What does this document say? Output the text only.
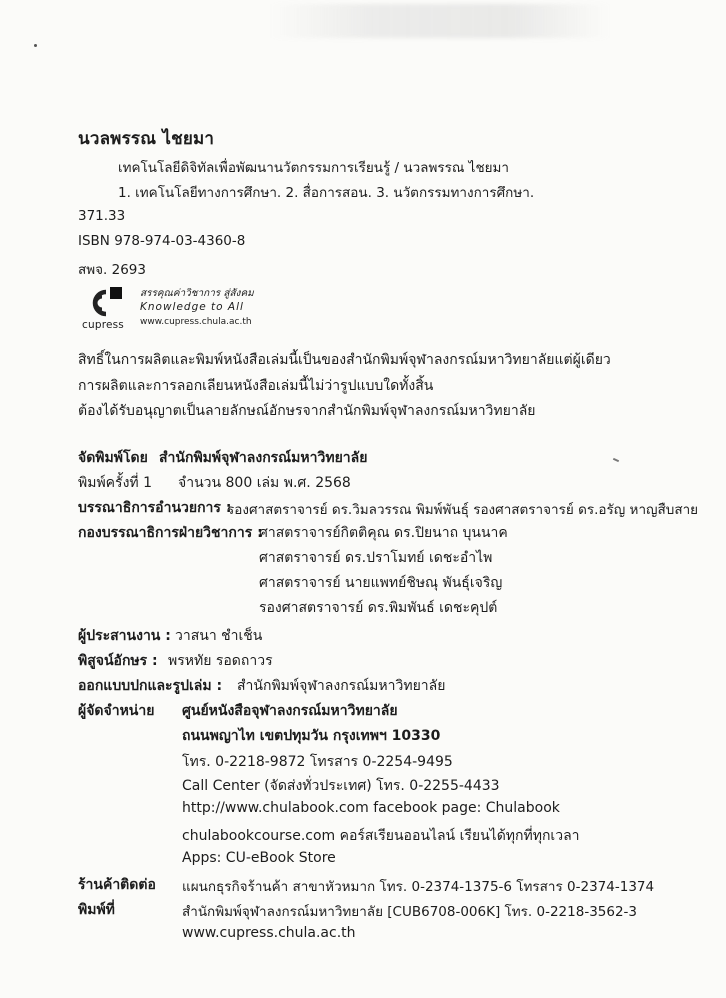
นวลพรรณ ไชยมา
เทคโนโลยีดิจิทัลเพื่อพัฒนานวัตกรรมการเรียนรู้ / นวลพรรณ ไชยมา
1. เทคโนโลยีทางการศึกษา. 2. สื่อการสอน. 3. นวัตกรรมทางการศึกษา.
371.33
ISBN 978-974-03-4360-8
สพจ. 2693
cupress
สรรคุณค่าวิชาการ สู่สังคม
Knowledge to All
www.cupress.chula.ac.th
สิทธิ์ในการผลิตและพิมพ์หนังสือเล่มนี้เป็นของสำนักพิมพ์จุฬาลงกรณ์มหาวิทยาลัยแต่ผู้เดียว
การผลิตและการลอกเลียนหนังสือเล่มนี้ไม่ว่ารูปแบบใดทั้งสิ้น
ต้องได้รับอนุญาตเป็นลายลักษณ์อักษรจากสำนักพิมพ์จุฬาลงกรณ์มหาวิทยาลัย
จัดพิมพ์โดย สำนักพิมพ์จุฬาลงกรณ์มหาวิทยาลัย
พิมพ์ครั้งที่ 1 จำนวน 800 เล่ม พ.ศ. 2568
บรรณาธิการอำนวยการ :
รองศาสตราจารย์ ดร.วิมลวรรณ พิมพ์พันธุ์ รองศาสตราจารย์ ดร.อรัญ หาญสืบสาย
กองบรรณาธิการฝ่ายวิชาการ :
ศาสตราจารย์กิตติคุณ ดร.ปิยนาถ บุนนาค
ศาสตราจารย์ ดร.ปราโมทย์ เดชะอำไพ
ศาสตราจารย์ นายแพทย์ชิษณุ พันธุ์เจริญ
รองศาสตราจารย์ ดร.พิมพันธ์ เดชะคุปต์
ผู้ประสานงาน : วาสนา ชำเช็น
พิสูจน์อักษร : พรหทัย รอดถาวร
ออกแบบปกและรูปเล่ม : สำนักพิมพ์จุฬาลงกรณ์มหาวิทยาลัย
ผู้จัดจำหน่าย ศูนย์หนังสือจุฬาลงกรณ์มหาวิทยาลัย
ถนนพญาไท เขตปทุมวัน กรุงเทพฯ 10330
โทร. 0-2218-9872 โทรสาร 0-2254-9495
Call Center (จัดส่งทั่วประเทศ) โทร. 0-2255-4433
http://www.chulabook.com facebook page: Chulabook
chulabookcourse.com คอร์สเรียนออนไลน์ เรียนได้ทุกที่ทุกเวลา
Apps: CU-eBook Store
ร้านค้าติดต่อ แผนกธุรกิจร้านค้า สาขาหัวหมาก โทร. 0-2374-1375-6 โทรสาร 0-2374-1374
พิมพ์ที่	สำนักพิมพ์จุฬาลงกรณ์มหาวิทยาลัย [CUB6708-006K] โทร. 0-2218-3562-3
www.cupress.chula.ac.th
